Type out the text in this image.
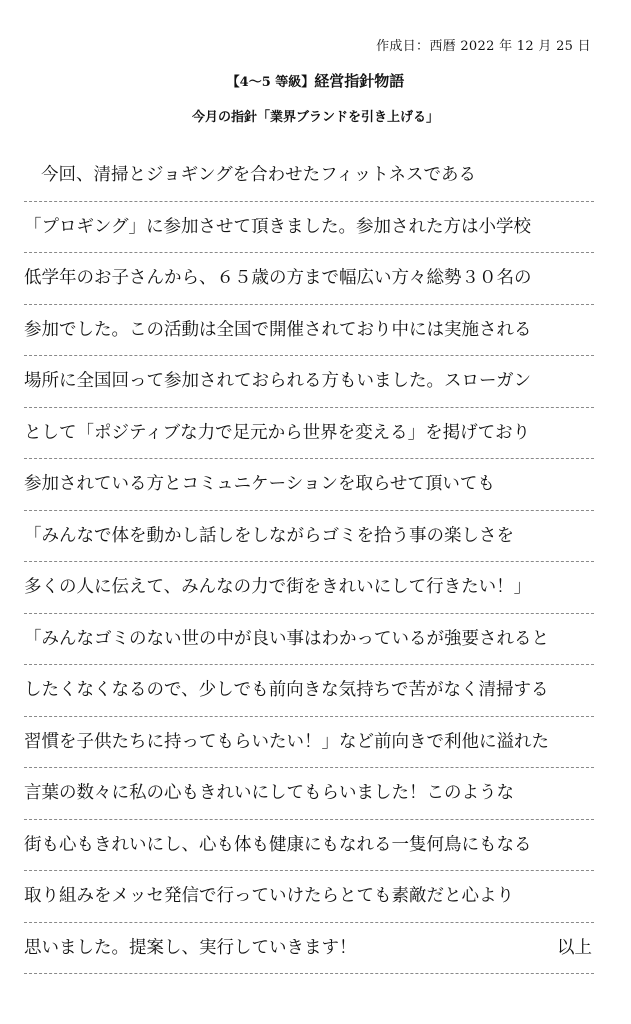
作成日：西暦 2022 年 12 月 25 日
【4～5 等級】経営指針物語
今月の指針「業界ブランドを引き上げる」
今回、清掃とジョギングを合わせたフィットネスである
「プロギング」に参加させて頂きました。参加された方は小学校
低学年のお子さんから、６５歳の方まで幅広い方々総勢３０名の
参加でした。この活動は全国で開催されており中には実施される
場所に全国回って参加されておられる方もいました。スローガン
として「ポジティブな力で足元から世界を変える」を掲げており
参加されている方とコミュニケーションを取らせて頂いても
「みんなで体を動かし話しをしながらゴミを拾う事の楽しさを
多くの人に伝えて、みんなの力で街をきれいにして行きたい！」
「みんなゴミのない世の中が良い事はわかっているが強要されると
したくなくなるので、少しでも前向きな気持ちで苦がなく清掃する
習慣を子供たちに持ってもらいたい！」など前向きで利他に溢れた
言葉の数々に私の心もきれいにしてもらいました！このような
街も心もきれいにし、心も体も健康にもなれる一隻何鳥にもなる
取り組みをメッセ発信で行っていけたらとても素敵だと心より
思いました。提案し、実行していきます！	以上
